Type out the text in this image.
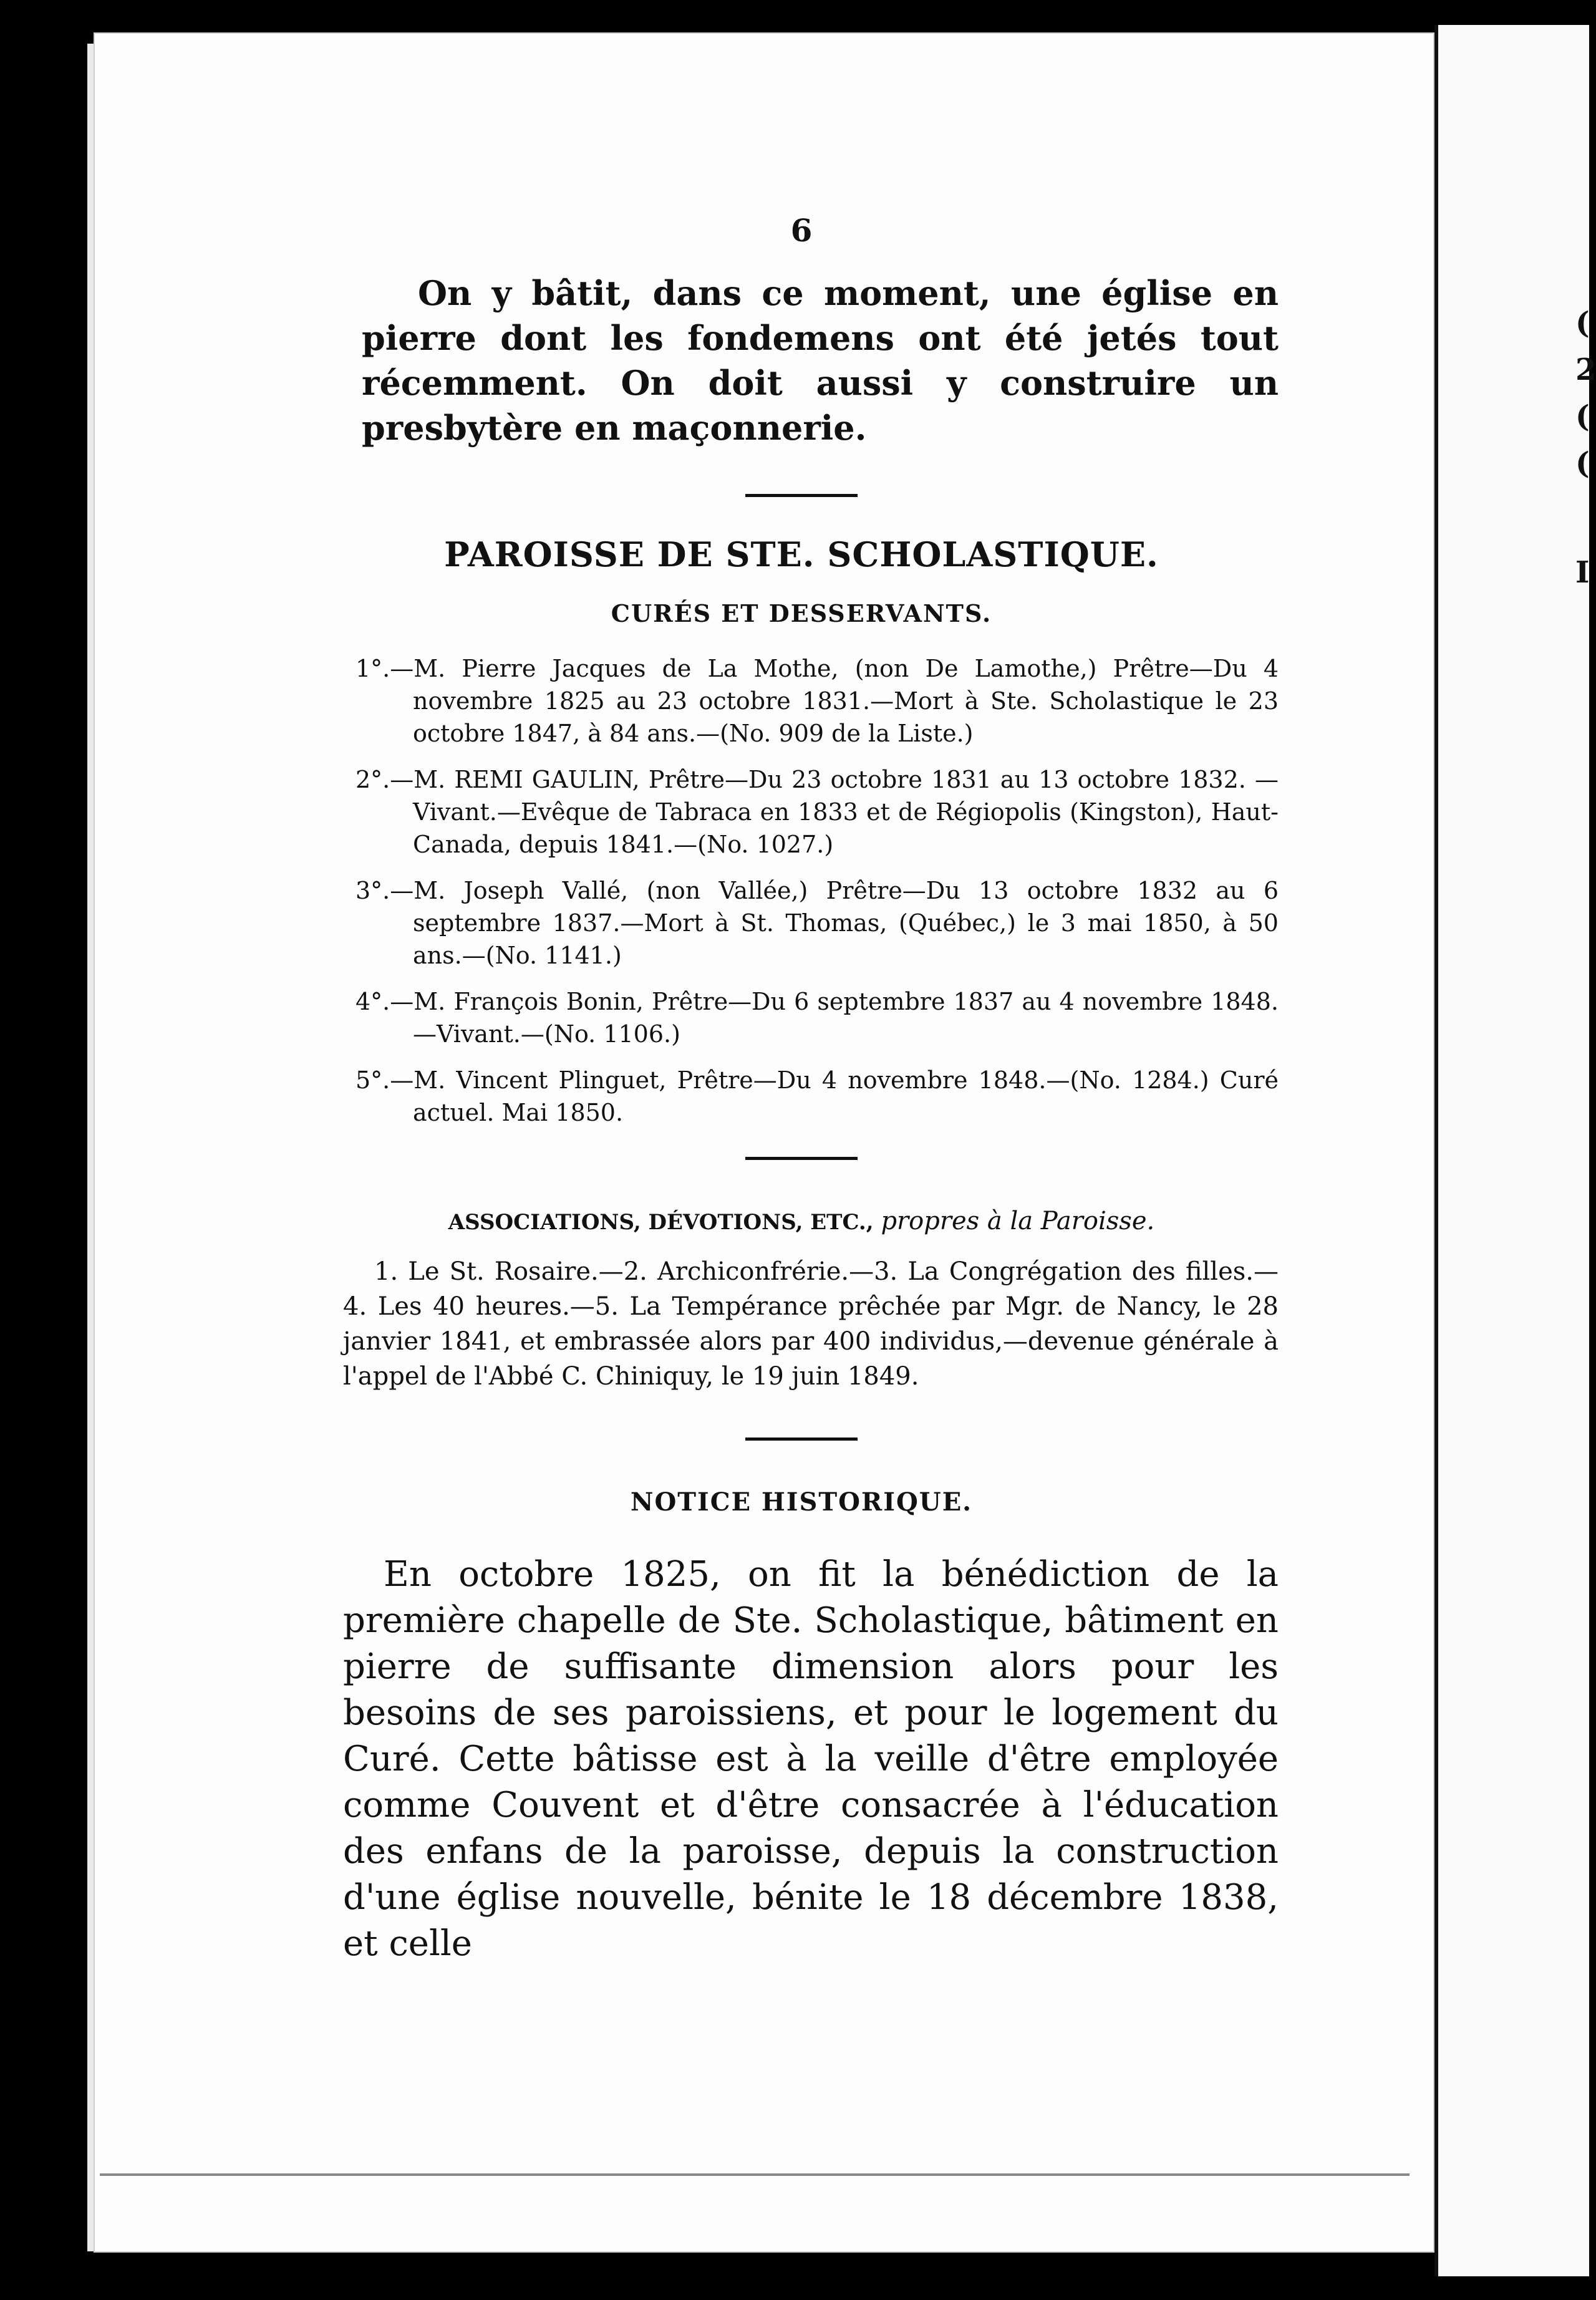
(
2
(
(
I
6

On y bâtit, dans ce moment, une église en pierre dont les fondemens ont été jetés tout récemment. On doit aussi y construire un presbytère en maçonnerie.

PAROISSE DE STE. SCHOLASTIQUE.
CURÉS ET DESSERVANTS.
1°.—M. Pierre Jacques de La Mothe, (non De Lamothe,) Prêtre—Du 4 novembre 1825 au 23 octobre 1831.—Mort à Ste. Scholastique le 23 octobre 1847, à 84 ans.—(No. 909 de la Liste.)
2°.—M. REMI GAULIN, Prêtre—Du 23 octobre 1831 au 13 octobre 1832. —Vivant.—Evêque de Tabraca en 1833 et de Régiopolis (Kingston), Haut-Canada, depuis 1841.—(No. 1027.)
3°.—M. Joseph Vallé, (non Vallée,) Prêtre—Du 13 octobre 1832 au 6 septembre 1837.—Mort à St. Thomas, (Québec,) le 3 mai 1850, à 50 ans.—(No. 1141.)
4°.—M. François Bonin, Prêtre—Du 6 septembre 1837 au 4 novembre 1848.—Vivant.—(No. 1106.)
5°.—M. Vincent Plinguet, Prêtre—Du 4 novembre 1848.—(No. 1284.) Curé actuel. Mai 1850.
ASSOCIATIONS, DÉVOTIONS, ETC., propres à la Paroisse.

1. Le St. Rosaire.—2. Archiconfrérie.—3. La Congrégation des filles.—4. Les 40 heures.—5. La Tempérance prêchée par Mgr. de Nancy, le 28 janvier 1841, et embrassée alors par 400 individus,—devenue générale à l'appel de l'Abbé C. Chiniquy, le 19 juin 1849.

NOTICE HISTORIQUE.

En octobre 1825, on fit la bénédiction de la première chapelle de Ste. Scholastique, bâtiment en pierre de suffisante dimension alors pour les besoins de ses paroissiens, et pour le logement du Curé. Cette bâtisse est à la veille d'être employée comme Couvent et d'être consacrée à l'éducation des enfans de la paroisse, depuis la construction d'une église nouvelle, bénite le 18 décembre 1838, et celle
